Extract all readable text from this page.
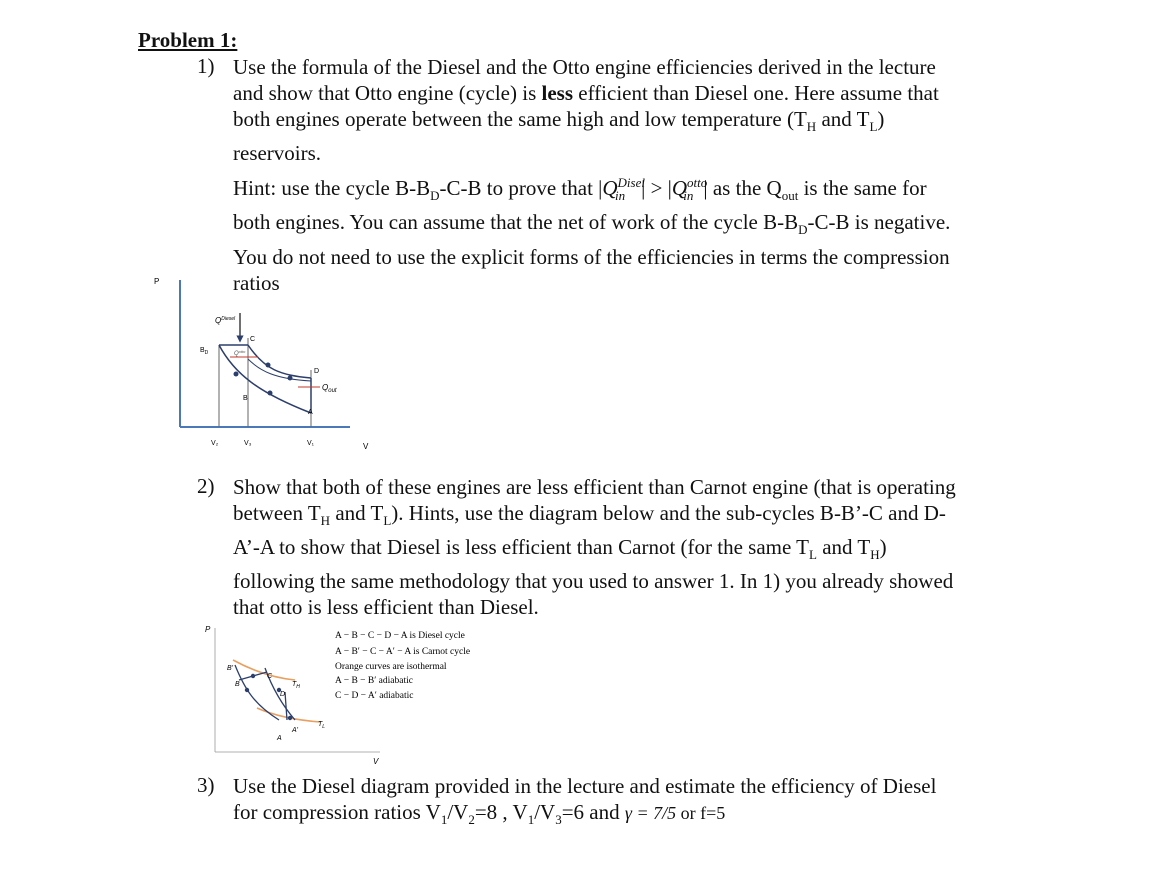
Problem 1:
1) Use the formula of the Diesel and the Otto engine efficiencies derived in the lecture
and show that Otto engine (cycle) is less efficient than Diesel one. Here assume that
both engines operate between the same high and low temperature ($T_H$ and $T_L$)
reservoirs.
Hint: use the cycle $B-B_D-C-B$ to prove that $|Q^{Disel}_{in}$ | > $|Q^{otto}_{in}$ | as the $Q_{out}$ is the same for
both engines. You can assume that the net of work of the cycle $B-B_D-C-B$ is negative.
You do not need to use the explicit forms of the efficiencies in terms the compression
ratios
P
V
$Q^{Diesel}$
$Q^{otto}$
$Q_{out}$
$B_D$
C
D
B
A
V₂	V₃	V₁
2) Show that both of these engines are less efficient than Carnot engine (that is operating
between $T_H$ and $T_L$). Hints, use the diagram below and the sub-cycles B-B’-C and D-
A’-A to show that Diesel is less efficient than Carnot (for the same $T_L$ and $T_H$)
following the same methodology that you used to answer 1. In 1) you already showed
that otto is less efficient than Diesel.
P
V
B'
B
C
D
A
A'
$T_H$
$T_L$
A − B − C − D − A is Diesel cycle
A − B′ − C − A′ − A is Carnot cycle
Orange curves are isothermal
A − B − B′ adiabatic
C − D − A′ adiabatic
3) Use the Diesel diagram provided in the lecture and estimate the efficiency of Diesel
for compression ratios $V_1/V_2=8$ , $V_1/V_3=6$ and γ = 7/5 or f=5
